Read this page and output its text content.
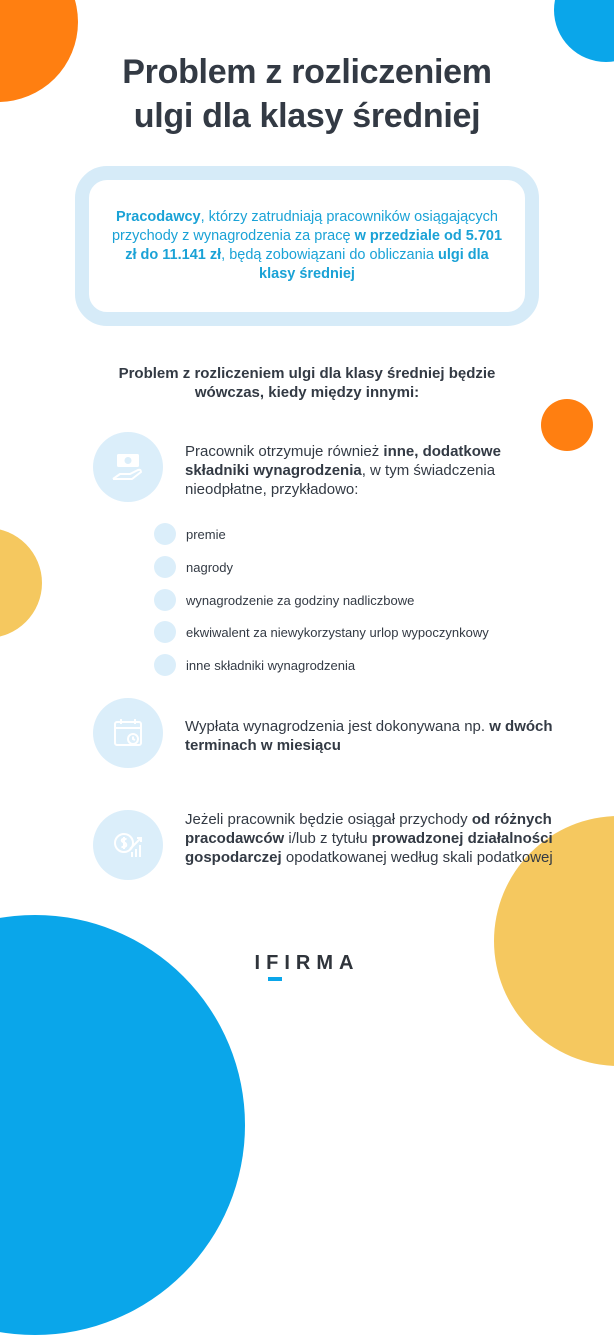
Problem z rozliczeniem
ulgi dla klasy średniej

Pracodawcy, którzy zatrudniają pracowników osiągających przychody z wynagrodzenia za pracę w przedziale od 5.701 zł do 11.141 zł, będą zobowiązani do obliczania ulgi dla klasy średniej

Problem z rozliczeniem ulgi dla klasy średniej będzie wówczas, kiedy między innymi:
Pracownik otrzymuje również inne, dodatkowe składniki wynagrodzenia, w tym świadczenia nieodpłatne, przykładowo:
premie
nagrody
wynagrodzenie za godziny nadliczbowe
ekwiwalent za niewykorzystany urlop wypoczynkowy
inne składniki wynagrodzenia
Wypłata wynagrodzenia jest dokonywana np. w dwóch terminach w miesiącu
Jeżeli pracownik będzie osiągał przychody od różnych pracodawców i/lub z tytułu prowadzonej działalności gospodarczej opodatkowanej według skali podatkowej
IFIRMA
